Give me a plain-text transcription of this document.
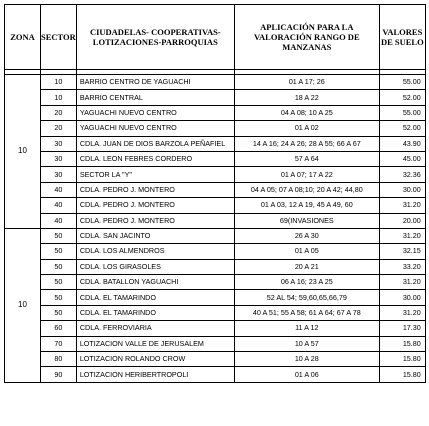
ZONA	SECTOR	CIUDADELAS- COOPERATIVAS- LOTIZACIONES-PARROQUIAS	APLICACIÓN PARA LA VALORACIÓN RANGO DE MANZANAS	VALORES DE SUELO

10	10	BARRIO CENTRO DE YAGUACHI	01 A 17; 26	55.00
	10	BARRIO CENTRAL	18 A 22	52.00
	20	YAGUACHI NUEVO CENTRO	04 A 08; 10 A 25	55.00
	20	YAGUACHI NUEVO CENTRO	01 A 02	52.00
	30	CDLA. JUAN DE DIOS BARZOLA PEÑAFIEL	14 A 16; 24 A 26; 28 A 55; 66 A 67	43.90
	30	CDLA. LEON FEBRES CORDERO	57 A 64	45.00
	30	SECTOR LA "Y"	01 A 07; 17 A 22	32.36
	40	CDLA. PEDRO J. MONTERO	04 A 05; 07 A 08;10; 20 A 42; 44,80	30.00
	40	CDLA. PEDRO J. MONTERO	01 A 03, 12 A 19, 45 A 49, 60	31.20
	40	CDLA. PEDRO J. MONTERO	69(INVASIONES	20.00
10	50	CDLA. SAN JACINTO	26 A 30	31.20
	50	CDLA. LOS ALMENDROS	01 A 05	32.15
	50	CDLA. LOS GIRASOLES	20 A 21	33.20
	50	CDLA. BATALLON YAGUACHI	06 A 16; 23 A 25	31.20
	50	CDLA. EL TAMARINDO	52 AL 54; 59,60,65,66,79	30.00
	50	CDLA. EL TAMARINDO	40 A 51; 55 A 58; 61 A 64; 67 A 78	31.20
	60	CDLA. FERROVIARIA	11 A 12	17.30
	70	LOTIZACION VALLE DE JERUSALEM	10 A 57	15.80
	80	LOTIZACION ROLANDO CROW	10 A 28	15.80
	90	LOTIZACION HERIBERTROPOLI	01 A 06	15.80
